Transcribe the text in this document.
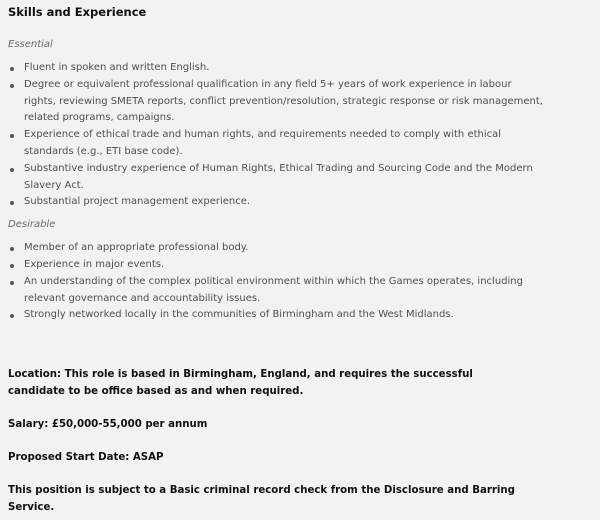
Skills and Experience
Essential
Fluent in spoken and written English.
Degree or equivalent professional qualification in any field 5+ years of work experience in labour rights, reviewing SMETA reports, conflict prevention/resolution, strategic response or risk management, related programs, campaigns.
Experience of ethical trade and human rights, and requirements needed to comply with ethical standards (e.g., ETI base code).
Substantive industry experience of Human Rights, Ethical Trading and Sourcing Code and the Modern Slavery Act.
Substantial project management experience.
Desirable
Member of an appropriate professional body.
Experience in major events.
An understanding of the complex political environment within which the Games operates, including relevant governance and accountability issues.
Strongly networked locally in the communities of Birmingham and the West Midlands.
Location: This role is based in Birmingham, England, and requires the successful candidate to be office based as and when required.
Salary: £50,000-55,000 per annum
Proposed Start Date: ASAP
This position is subject to a Basic criminal record check from the Disclosure and Barring Service.
